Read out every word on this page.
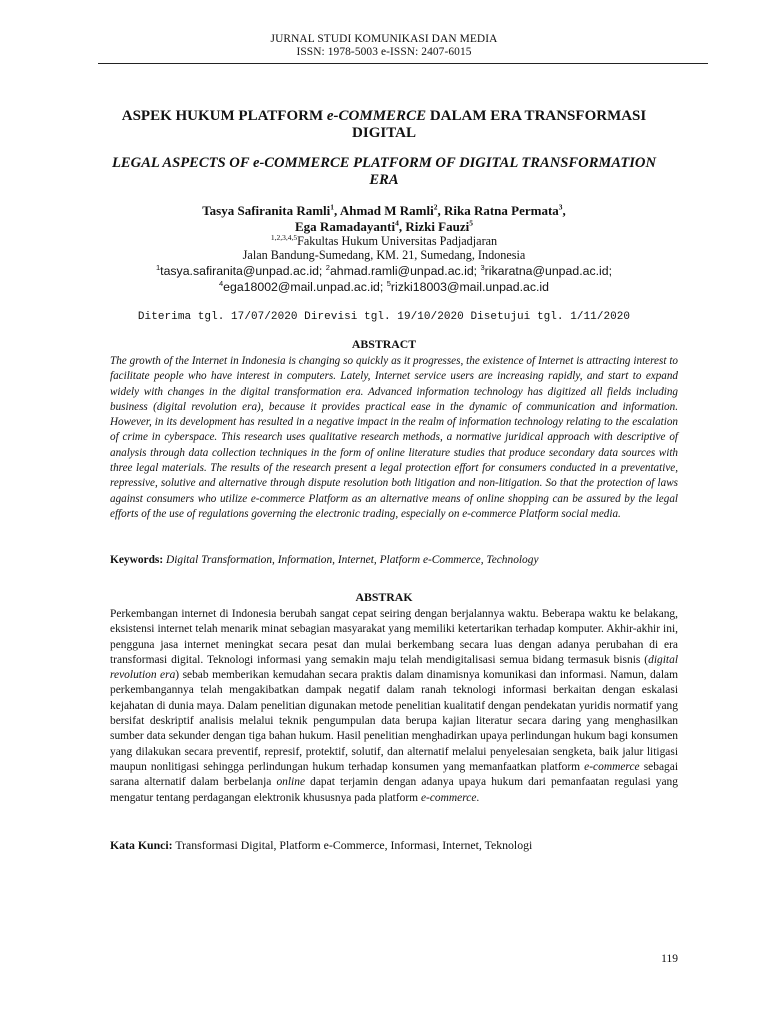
JURNAL STUDI KOMUNIKASI DAN MEDIA
ISSN: 1978-5003 e-ISSN: 2407-6015
ASPEK HUKUM PLATFORM e-COMMERCE DALAM ERA TRANSFORMASI DIGITAL
LEGAL ASPECTS OF e-COMMERCE PLATFORM OF DIGITAL TRANSFORMATION ERA
Tasya Safiranita Ramli$^1$, Ahmad M Ramli$^2$, Rika Ratna Permata$^3$,
Ega Ramadayanti$^4$, Rizki Fauzi$^5$
$^{1,2,3,4,5}$Fakultas Hukum Universitas Padjadjaran
Jalan Bandung-Sumedang, KM. 21, Sumedang, Indonesia
$^1$tasya.safiranita@unpad.ac.id; $^2$ahmad.ramli@unpad.ac.id; $^3$rikaratna@unpad.ac.id;
$^4$ega18002@mail.unpad.ac.id; $^5$rizki18003@mail.unpad.ac.id
Diterima tgl. 17/07/2020 Direvisi tgl. 19/10/2020 Disetujui tgl. 1/11/2020
ABSTRACT
The growth of the Internet in Indonesia is changing so quickly as it progresses, the existence of Internet is attracting interest to facilitate people who have interest in computers. Lately, Internet service users are increasing rapidly, and start to expand widely with changes in the digital transformation era. Advanced information technology has digitized all fields including business (digital revolution era), because it provides practical ease in the dynamic of communication and information. However, in its development has resulted in a negative impact in the realm of information technology relating to the escalation of crime in cyberspace. This research uses qualitative research methods, a normative juridical approach with descriptive of analysis through data collection techniques in the form of online literature studies that produce secondary data sources with three legal materials. The results of the research present a legal protection effort for consumers conducted in a preventative, repressive, solutive and alternative through dispute resolution both litigation and non-litigation. So that the protection of laws against consumers who utilize e-commerce Platform as an alternative means of online shopping can be assured by the legal efforts of the use of regulations governing the electronic trading, especially on e-commerce Platform social media.
Keywords: Digital Transformation, Information, Internet, Platform e-Commerce, Technology
ABSTRAK
Perkembangan internet di Indonesia berubah sangat cepat seiring dengan berjalannya waktu. Beberapa waktu ke belakang, eksistensi internet telah menarik minat sebagian masyarakat yang memiliki ketertarikan terhadap komputer. Akhir-akhir ini, pengguna jasa internet meningkat secara pesat dan mulai berkembang secara luas dengan adanya perubahan di era transformasi digital. Teknologi informasi yang semakin maju telah mendigitalisasi semua bidang termasuk bisnis (digital revolution era) sebab memberikan kemudahan secara praktis dalam dinamisnya komunikasi dan informasi. Namun, dalam perkembangannya telah mengakibatkan dampak negatif dalam ranah teknologi informasi berkaitan dengan eskalasi kejahatan di dunia maya. Dalam penelitian digunakan metode penelitian kualitatif dengan pendekatan yuridis normatif yang bersifat deskriptif analisis melalui teknik pengumpulan data berupa kajian literatur secara daring yang menghasilkan sumber data sekunder dengan tiga bahan hukum. Hasil penelitian menghadirkan upaya perlindungan hukum bagi konsumen yang dilakukan secara preventif, represif, protektif, solutif, dan alternatif melalui penyelesaian sengketa, baik jalur litigasi maupun nonlitigasi sehingga perlindungan hukum terhadap konsumen yang memanfaatkan platform e-commerce sebagai sarana alternatif dalam berbelanja online dapat terjamin dengan adanya upaya hukum dari pemanfaatan regulasi yang mengatur tentang perdagangan elektronik khususnya pada platform e-commerce.
Kata Kunci: Transformasi Digital, Platform e-Commerce, Informasi, Internet, Teknologi
119
